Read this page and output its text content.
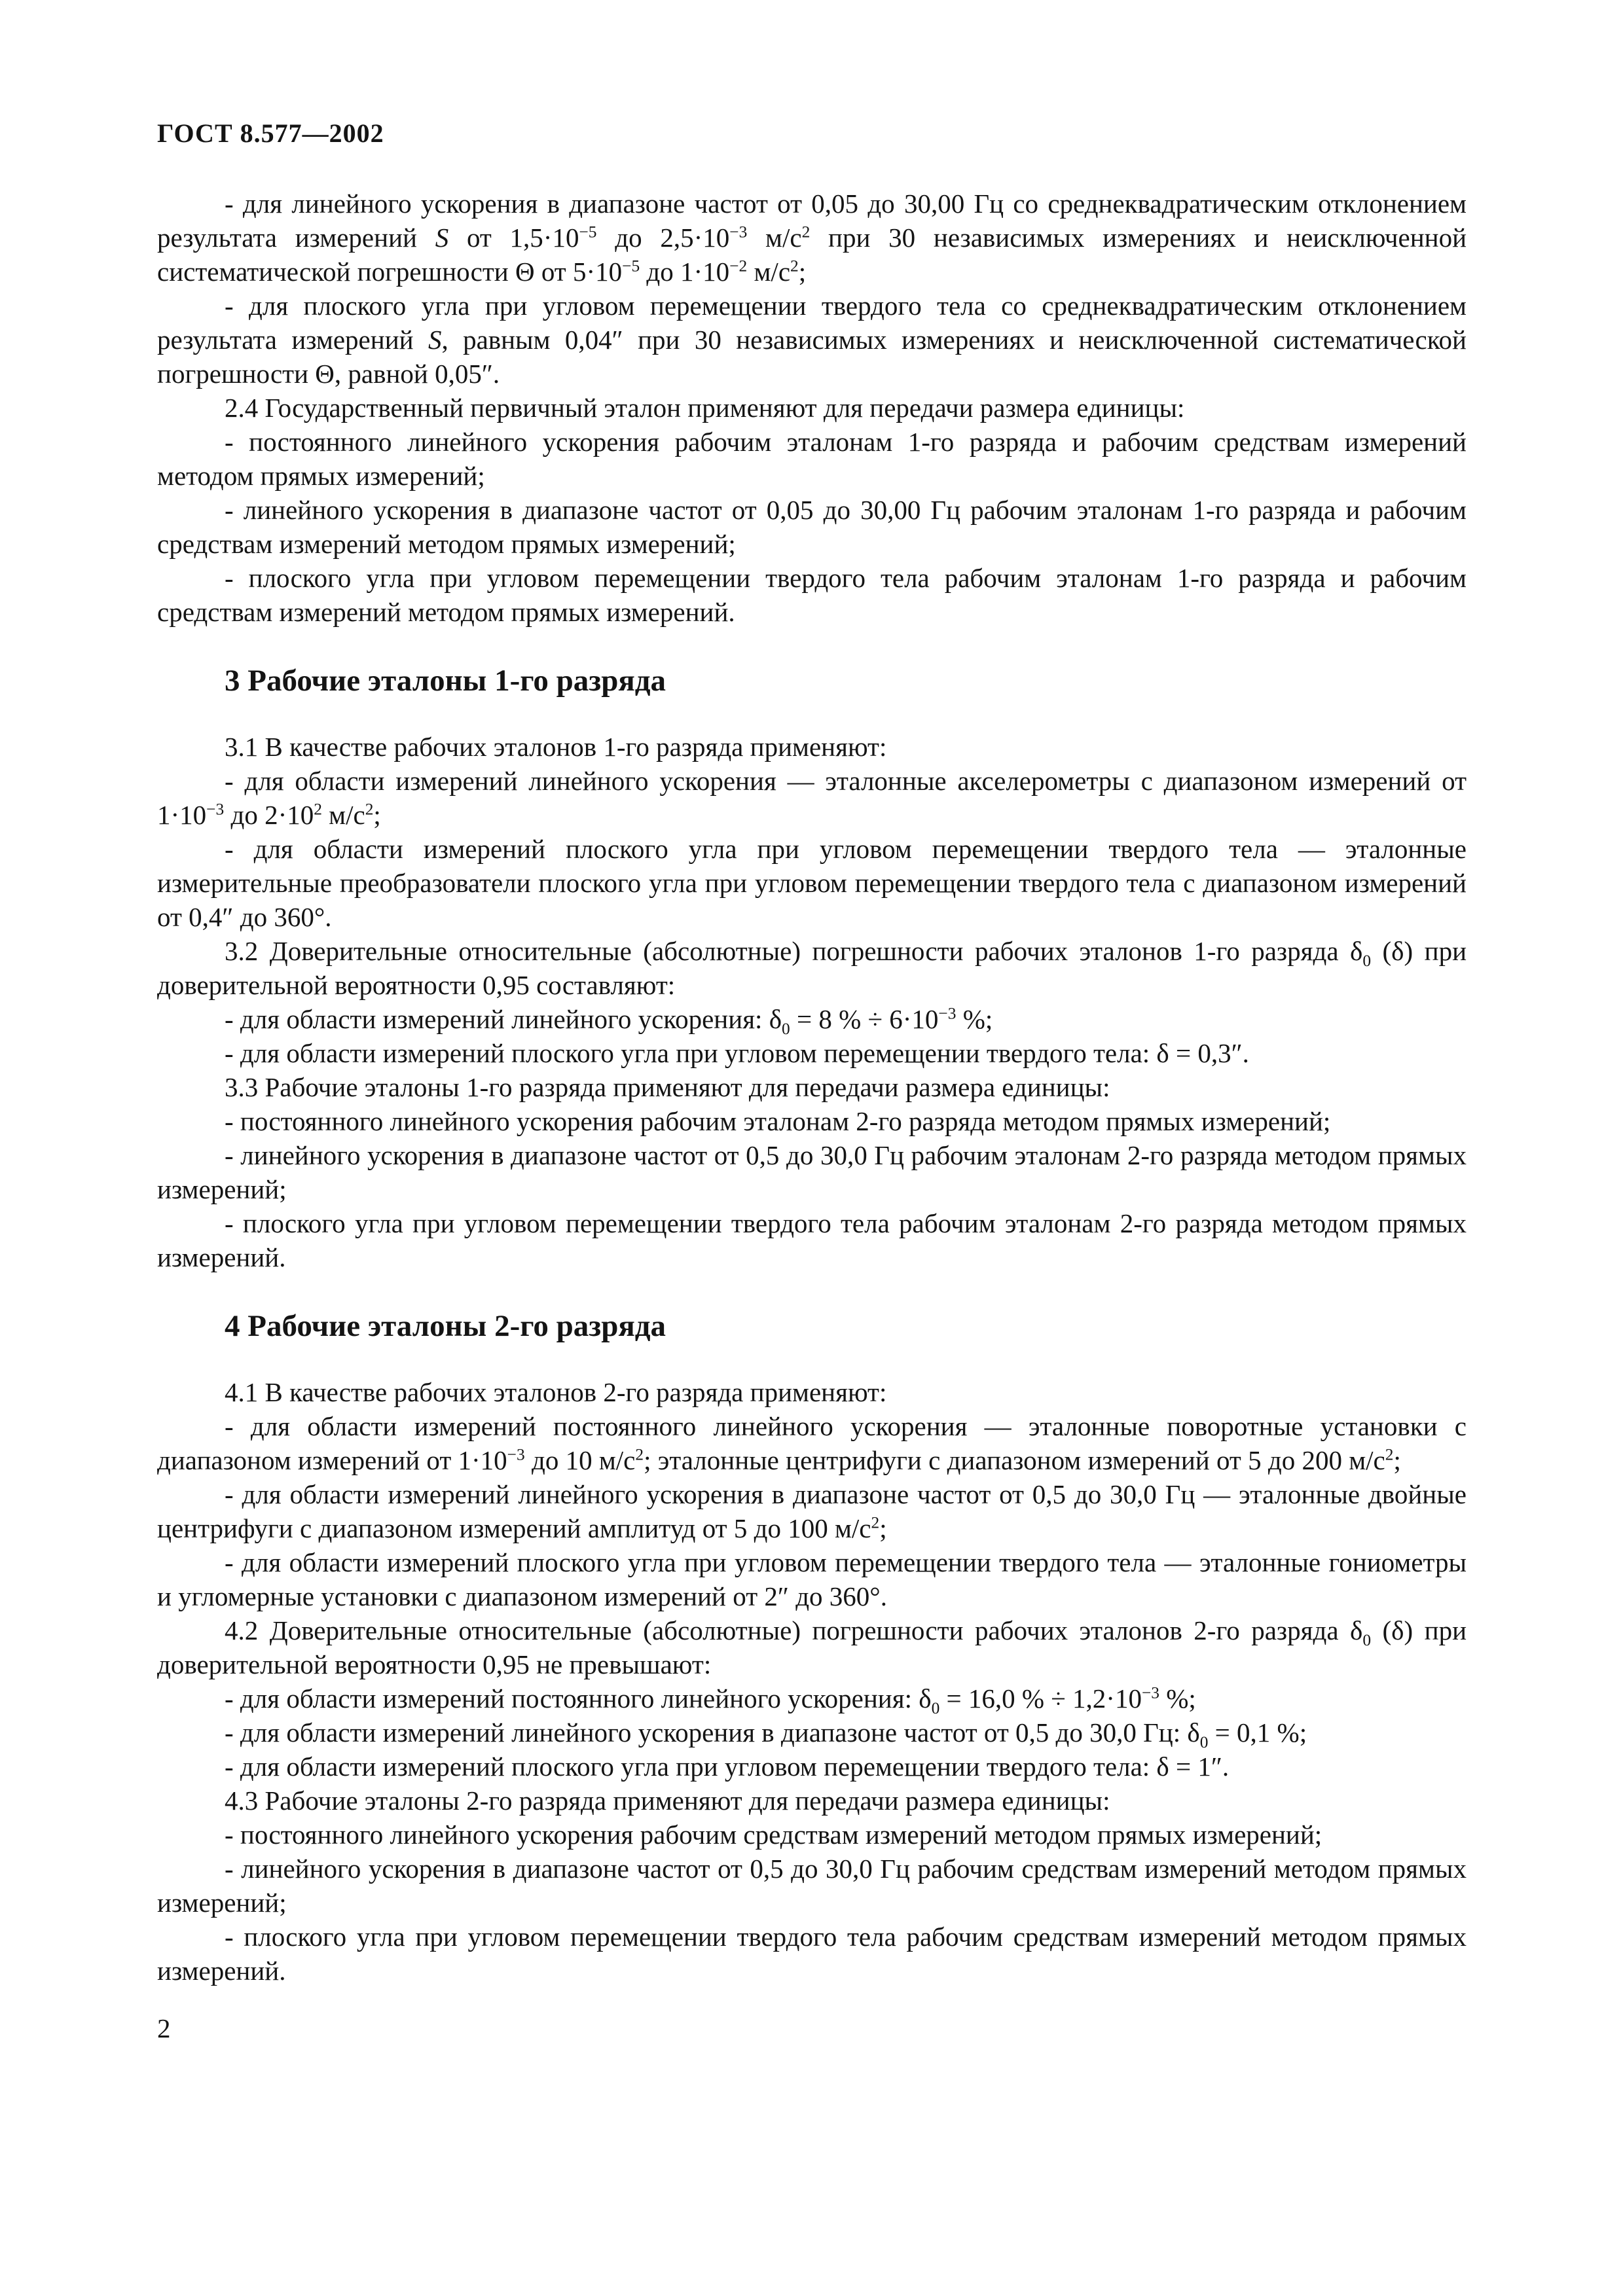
ГОСТ 8.577—2002

- для линейного ускорения в диапазоне частот от 0,05 до 30,00 Гц со среднеквадратическим отклонением результата измерений S от $1,5\cdot 10^{-5}$ до $2,5\cdot 10^{-3}$ $м/с^2$ при 30 независимых измерениях и неисключенной систематической погрешности Θ от $5\cdot 10^{-5}$ до $1\cdot 10^{-2}$ $м/с^2$;

- для плоского угла при угловом перемещении твердого тела со среднеквадратическим отклонением результата измерений S, равным 0,04″ при 30 независимых измерениях и неисключенной систематической погрешности Θ, равной 0,05″.

2.4 Государственный первичный эталон применяют для передачи размера единицы:

- постоянного линейного ускорения рабочим эталонам 1-го разряда и рабочим средствам измерений методом прямых измерений;

- линейного ускорения в диапазоне частот от 0,05 до 30,00 Гц рабочим эталонам 1-го разряда и рабочим средствам измерений методом прямых измерений;

- плоского угла при угловом перемещении твердого тела рабочим эталонам 1-го разряда и рабочим средствам измерений методом прямых измерений.

3 Рабочие эталоны 1-го разряда

3.1 В качестве рабочих эталонов 1-го разряда применяют:

- для области измерений линейного ускорения — эталонные акселерометры с диапазоном измерений от $1\cdot 10^{-3}$ до $2\cdot 10^2$ $м/с^2$;

- для области измерений плоского угла при угловом перемещении твердого тела — эталонные измерительные преобразователи плоского угла при угловом перемещении твердого тела с диапазоном измерений от 0,4″ до 360°.

3.2 Доверительные относительные (абсолютные) погрешности рабочих эталонов 1-го разряда $\delta_0$ (δ) при доверительной вероятности 0,95 составляют:

- для области измерений линейного ускорения: $\delta_0 = 8$ % ÷ $6\cdot 10^{-3}$ %;

- для области измерений плоского угла при угловом перемещении твердого тела: δ = 0,3″.

3.3 Рабочие эталоны 1-го разряда применяют для передачи размера единицы:

- постоянного линейного ускорения рабочим эталонам 2-го разряда методом прямых измерений;

- линейного ускорения в диапазоне частот от 0,5 до 30,0 Гц рабочим эталонам 2-го разряда методом прямых измерений;

- плоского угла при угловом перемещении твердого тела рабочим эталонам 2-го разряда методом прямых измерений.

4 Рабочие эталоны 2-го разряда

4.1 В качестве рабочих эталонов 2-го разряда применяют:

- для области измерений постоянного линейного ускорения — эталонные поворотные установки с диапазоном измерений от $1\cdot 10^{-3}$ до 10 $м/с^2$; эталонные центрифуги с диапазоном измерений от 5 до 200 $м/с^2$;

- для области измерений линейного ускорения в диапазоне частот от 0,5 до 30,0 Гц — эталонные двойные центрифуги с диапазоном измерений амплитуд от 5 до 100 $м/с^2$;

- для области измерений плоского угла при угловом перемещении твердого тела — эталонные гониометры и угломерные установки с диапазоном измерений от 2″ до 360°.

4.2 Доверительные относительные (абсолютные) погрешности рабочих эталонов 2-го разряда $\delta_0$ (δ) при доверительной вероятности 0,95 не превышают:

- для области измерений постоянного линейного ускорения: $\delta_0 = 16,0$ % ÷ $1,2\cdot 10^{-3}$ %;

- для области измерений линейного ускорения в диапазоне частот от 0,5 до 30,0 Гц: $\delta_0 = 0,1$ %;

- для области измерений плоского угла при угловом перемещении твердого тела: δ = 1″.

4.3 Рабочие эталоны 2-го разряда применяют для передачи размера единицы:

- постоянного линейного ускорения рабочим средствам измерений методом прямых измерений;

- линейного ускорения в диапазоне частот от 0,5 до 30,0 Гц рабочим средствам измерений методом прямых измерений;

- плоского угла при угловом перемещении твердого тела рабочим средствам измерений методом прямых измерений.

2
